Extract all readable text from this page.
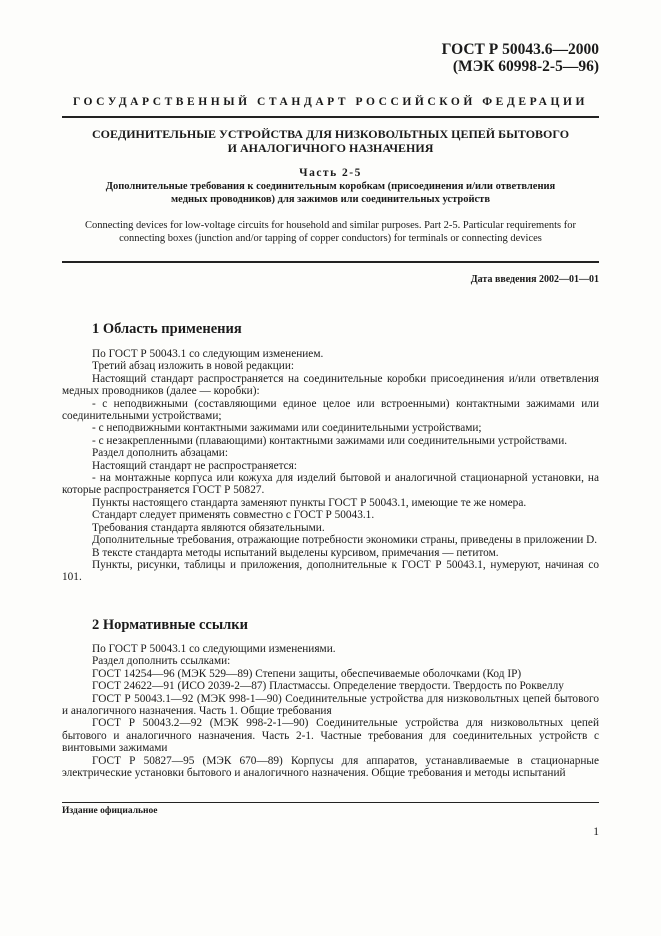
ГОСТ Р 50043.6—2000
(МЭК 60998-2-5—96)
ГОСУДАРСТВЕННЫЙ СТАНДАРТ РОССИЙСКОЙ ФЕДЕРАЦИИ
СОЕДИНИТЕЛЬНЫЕ УСТРОЙСТВА ДЛЯ НИЗКОВОЛЬТНЫХ ЦЕПЕЙ БЫТОВОГО
И АНАЛОГИЧНОГО НАЗНАЧЕНИЯ
Часть 2-5
Дополнительные требования к соединительным коробкам (присоединения и/или ответвления
медных проводников) для зажимов или соединительных устройств
Connecting devices for low-voltage circuits for household and similar purposes. Part 2-5. Particular requirements for
connecting boxes (junction and/or tapping of copper conductors) for terminals or connecting devices
Дата введения 2002—01—01
1 Область применения

По ГОСТ Р 50043.1 со следующим изменением.

Третий абзац изложить в новой редакции:

Настоящий стандарт распространяется на соединительные коробки присоединения и/или ответвления медных проводников (далее — коробки):

- с неподвижными (составляющими единое целое или встроенными) контактными зажимами или соединительными устройствами;

- с неподвижными контактными зажимами или соединительными устройствами;

- с незакрепленными (плавающими) контактными зажимами или соединительными устройствами.

Раздел дополнить абзацами:

Настоящий стандарт не распространяется:

- на монтажные корпуса или кожуха для изделий бытовой и аналогичной стационарной установки, на которые распространяется ГОСТ Р 50827.

Пункты настоящего стандарта заменяют пункты ГОСТ Р 50043.1, имеющие те же номера.

Стандарт следует применять совместно с ГОСТ Р 50043.1.

Требования стандарта являются обязательными.

Дополнительные требования, отражающие потребности экономики страны, приведены в приложении D.

В тексте стандарта методы испытаний выделены курсивом, примечания — петитом.

Пункты, рисунки, таблицы и приложения, дополнительные к ГОСТ Р 50043.1, нумеруют, начиная со 101.

2 Нормативные ссылки

По ГОСТ Р 50043.1 со следующими изменениями.

Раздел дополнить ссылками:

ГОСТ 14254—96 (МЭК 529—89) Степени защиты, обеспечиваемые оболочками (Код IP)

ГОСТ 24622—91 (ИСО 2039-2—87) Пластмассы. Определение твердости. Твердость по Роквеллу

ГОСТ Р 50043.1—92 (МЭК 998-1—90) Соединительные устройства для низковольтных цепей бытового и аналогичного назначения. Часть 1. Общие требования

ГОСТ Р 50043.2—92 (МЭК 998-2-1—90) Соединительные устройства для низковольтных цепей бытового и аналогичного назначения. Часть 2-1. Частные требования для соединительных устройств с винтовыми зажимами

ГОСТ Р 50827—95 (МЭК 670—89) Корпусы для аппаратов, устанавливаемые в стационарные электрические установки бытового и аналогичного назначения. Общие требования и методы испытаний

Издание официальное
1
